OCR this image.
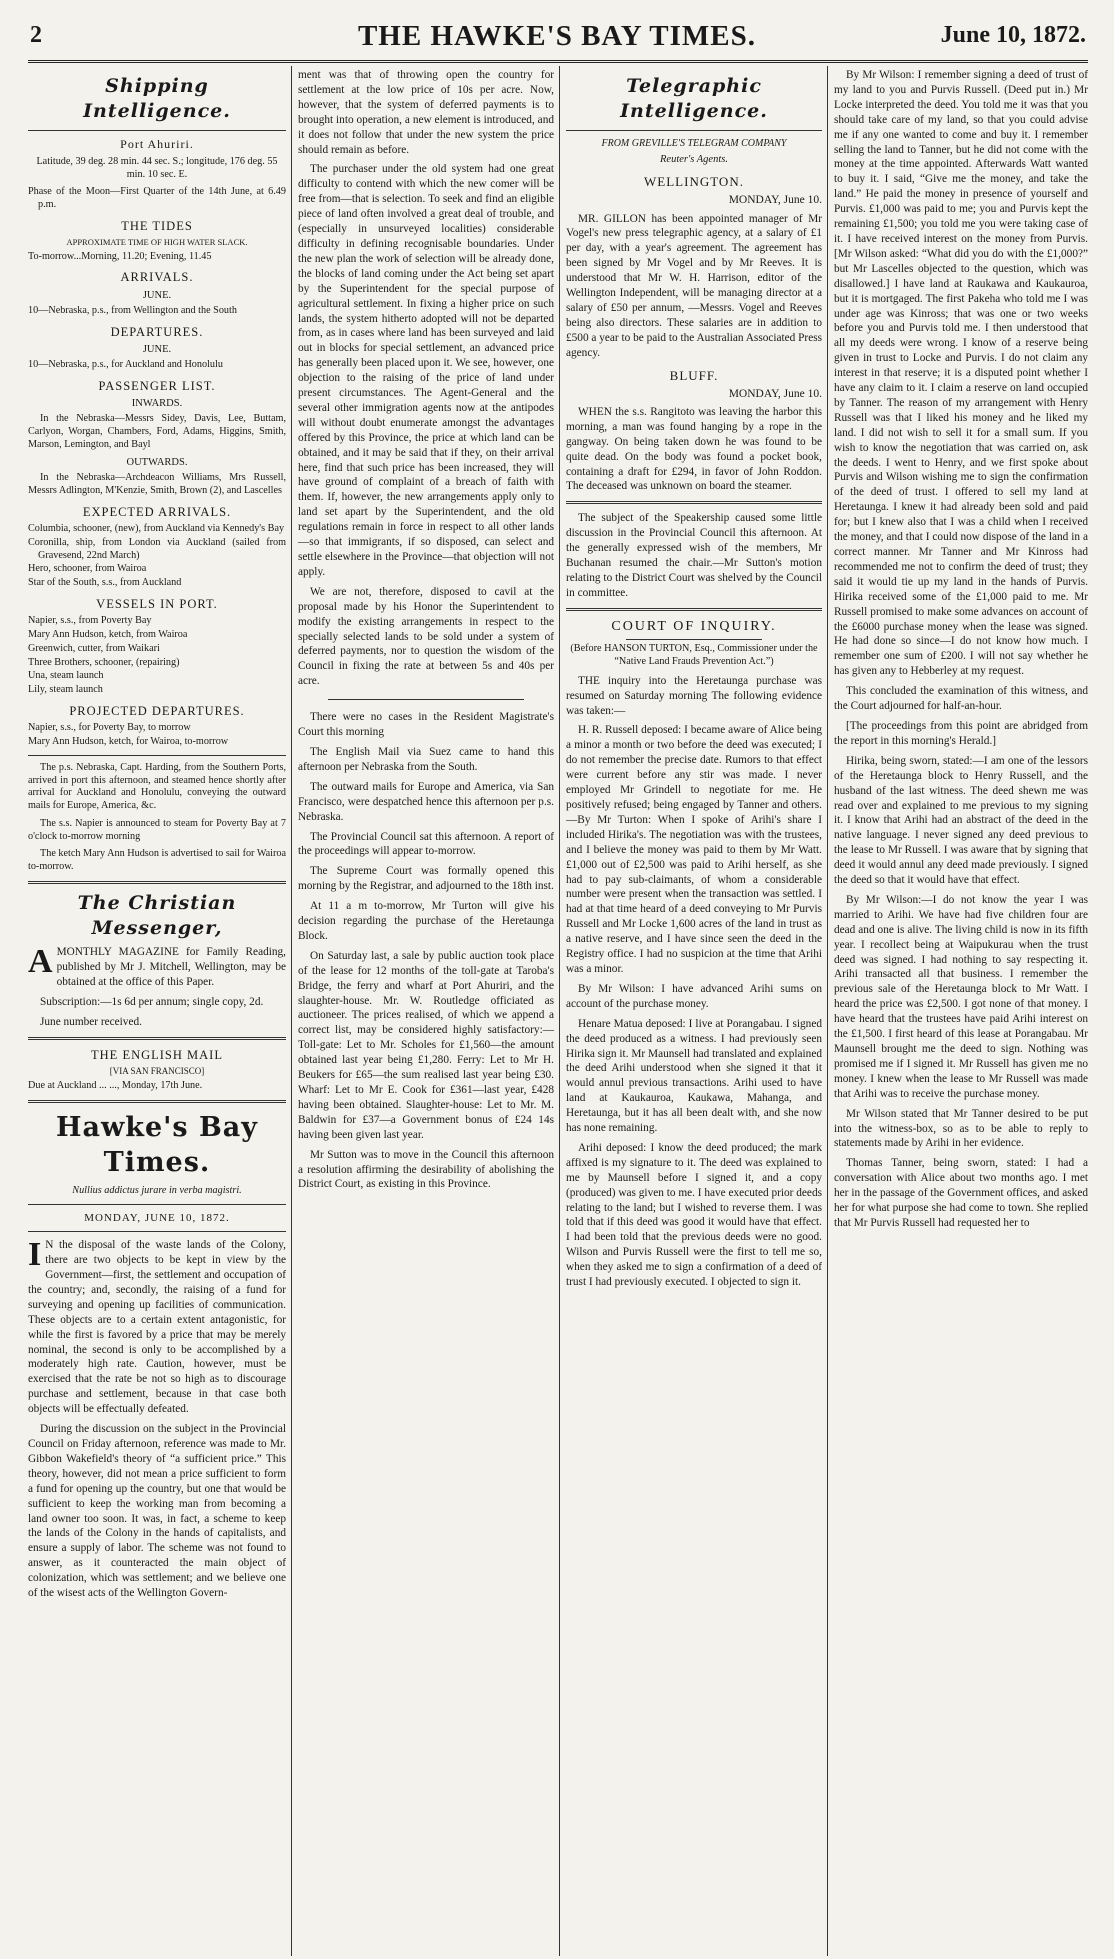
2	THE HAWKE'S BAY TIMES.	June 10, 1872.
Shipping Intelligence.

Port Ahuriri.

Latitude, 39 deg. 28 min. 44 sec. S.; longitude, 176 deg. 55 min. 10 sec. E.

Phase of the Moon—First Quarter of the 14th June, at 6.49 p.m.

THE TIDES

APPROXIMATE TIME OF HIGH WATER SLACK.

To-morrow...Morning, 11.20; Evening, 11.45

ARRIVALS.

JUNE.

10—Nebraska, p.s., from Wellington and the South

DEPARTURES.

JUNE.

10—Nebraska, p.s., for Auckland and Honolulu

PASSENGER LIST.

INWARDS.

In the Nebraska—Messrs Sidey, Davis, Lee, Buttam, Carlyon, Worgan, Chambers, Ford, Adams, Higgins, Smith, Marson, Lemington, and Bayl

OUTWARDS.

In the Nebraska—Archdeacon Williams, Mrs Russell, Messrs Adlington, M'Kenzie, Smith, Brown (2), and Lascelles

EXPECTED ARRIVALS.

Columbia, schooner, (new), from Auckland via Kennedy's Bay

Coronilla, ship, from London via Auckland (sailed from Gravesend, 22nd March)

Hero, schooner, from Wairoa

Star of the South, s.s., from Auckland

VESSELS IN PORT.

Napier, s.s., from Poverty Bay

Mary Ann Hudson, ketch, from Wairoa

Greenwich, cutter, from Waikari

Three Brothers, schooner, (repairing)

Una, steam launch

Lily, steam launch

PROJECTED DEPARTURES.

Napier, s.s., for Poverty Bay, to morrow

Mary Ann Hudson, ketch, for Wairoa, to-morrow

The p.s. Nebraska, Capt. Harding, from the Southern Ports, arrived in port this afternoon, and steamed hence shortly after arrival for Auckland and Honolulu, conveying the outward mails for Europe, America, &c.

The s.s. Napier is announced to steam for Poverty Bay at 7 o'clock to-morrow morning

The ketch Mary Ann Hudson is advertised to sail for Wairoa to-morrow.

The Christian Messenger,

AMONTHLY MAGAZINE for Family Reading, published by Mr J. Mitchell, Wellington, may be obtained at the office of this Paper.

Subscription:—1s 6d per annum; single copy, 2d.

June number received.

THE ENGLISH MAIL

[VIA SAN FRANCISCO]

Due at Auckland ... ..., Monday, 17th June.

Hawke's Bay Times.

Nullius addictus jurare in verba magistri.

MONDAY, JUNE 10, 1872.

I N the disposal of the waste lands of the Colony, there are two objects to be kept in view by the Government—first, the settlement and occupation of the country; and, secondly, the raising of a fund for surveying and opening up facilities of communication. These objects are to a certain extent antagonistic, for while the first is favored by a price that may be merely nominal, the second is only to be accomplished by a moderately high rate. Caution, however, must be exercised that the rate be not so high as to discourage purchase and settlement, because in that case both objects will be effectually defeated.

During the discussion on the subject in the Provincial Council on Friday afternoon, reference was made to Mr. Gibbon Wakefield's theory of “a sufficient price.” This theory, however, did not mean a price sufficient to form a fund for opening up the country, but one that would be sufficient to keep the working man from becoming a land owner too soon. It was, in fact, a scheme to keep the lands of the Colony in the hands of capitalists, and ensure a supply of labor. The scheme was not found to answer, as it counteracted the main object of colonization, which was settlement; and we believe one of the wisest acts of the Wellington Govern-

ment was that of throwing open the country for settlement at the low price of 10s per acre. Now, however, that the system of deferred payments is to brought into operation, a new element is introduced, and it does not follow that under the new system the price should remain as before.

The purchaser under the old system had one great difficulty to contend with which the new comer will be free from—that is selection. To seek and find an eligible piece of land often involved a great deal of trouble, and (especially in unsurveyed localities) considerable difficulty in defining recognisable boundaries. Under the new plan the work of selection will be already done, the blocks of land coming under the Act being set apart by the Superintendent for the special purpose of agricultural settlement. In fixing a higher price on such lands, the system hitherto adopted will not be departed from, as in cases where land has been surveyed and laid out in blocks for special settlement, an advanced price has generally been placed upon it. We see, however, one objection to the raising of the price of land under present circumstances. The Agent-General and the several other immigration agents now at the antipodes will without doubt enumerate amongst the advantages offered by this Province, the price at which land can be obtained, and it may be said that if they, on their arrival here, find that such price has been increased, they will have ground of complaint of a breach of faith with them. If, however, the new arrangements apply only to land set apart by the Superintendent, and the old regulations remain in force in respect to all other lands—so that immigrants, if so disposed, can select and settle elsewhere in the Province—that objection will not apply.

We are not, therefore, disposed to cavil at the proposal made by his Honor the Superintendent to modify the existing arrangements in respect to the specially selected lands to be sold under a system of deferred payments, nor to question the wisdom of the Council in fixing the rate at between 5s and 40s per acre.

There were no cases in the Resident Magistrate's Court this morning

The English Mail via Suez came to hand this afternoon per Nebraska from the South.

The outward mails for Europe and America, via San Francisco, were despatched hence this afternoon per p.s. Nebraska.

The Provincial Council sat this afternoon. A report of the proceedings will appear to-morrow.

The Supreme Court was formally opened this morning by the Registrar, and adjourned to the 18th inst.

At 11 a m to-morrow, Mr Turton will give his decision regarding the purchase of the Heretaunga Block.

On Saturday last, a sale by public auction took place of the lease for 12 months of the toll-gate at Taroba's Bridge, the ferry and wharf at Port Ahuriri, and the slaughter-house. Mr. W. Routledge officiated as auctioneer. The prices realised, of which we append a correct list, may be considered highly satisfactory:—Toll-gate: Let to Mr. Scholes for £1,560—the amount obtained last year being £1,280. Ferry: Let to Mr H. Beukers for £65—the sum realised last year being £30. Wharf: Let to Mr E. Cook for £361—last year, £428 having been obtained. Slaughter-house: Let to Mr. M. Baldwin for £37—a Government bonus of £24 14s having been given last year.

Mr Sutton was to move in the Council this afternoon a resolution affirming the desirability of abolishing the District Court, as existing in this Province.

Telegraphic Intelligence.

FROM GREVILLE'S TELEGRAM COMPANY

Reuter's Agents.

WELLINGTON.

MONDAY, June 10.

MR. GILLON has been appointed manager of Mr Vogel's new press telegraphic agency, at a salary of £1 per day, with a year's agreement. The agreement has been signed by Mr Vogel and by Mr Reeves. It is understood that Mr W. H. Harrison, editor of the Wellington Independent, will be managing director at a salary of £50 per annum, —Messrs. Vogel and Reeves being also directors. These salaries are in addition to £500 a year to be paid to the Australian Associated Press agency.

BLUFF.

MONDAY, June 10.

WHEN the s.s. Rangitoto was leaving the harbor this morning, a man was found hanging by a rope in the gangway. On being taken down he was found to be quite dead. On the body was found a pocket book, containing a draft for £294, in favor of John Roddon. The deceased was unknown on board the steamer.

The subject of the Speakership caused some little discussion in the Provincial Council this afternoon. At the generally expressed wish of the members, Mr Buchanan resumed the chair.—Mr Sutton's motion relating to the District Court was shelved by the Council in committee.

COURT OF INQUIRY.

(Before HANSON TURTON, Esq., Commissioner under the “Native Land Frauds Prevention Act.”)

THE inquiry into the Heretaunga purchase was resumed on Saturday morning The following evidence was taken:—

H. R. Russell deposed: I became aware of Alice being a minor a month or two before the deed was executed; I do not remember the precise date. Rumors to that effect were current before any stir was made. I never employed Mr Grindell to negotiate for me. He positively refused; being engaged by Tanner and others.—By Mr Turton: When I spoke of Arihi's share I included Hirika's. The negotiation was with the trustees, and I believe the money was paid to them by Mr Watt. £1,000 out of £2,500 was paid to Arihi herself, as she had to pay sub-claimants, of whom a considerable number were present when the transaction was settled. I had at that time heard of a deed conveying to Mr Purvis Russell and Mr Locke 1,600 acres of the land in trust as a native reserve, and I have since seen the deed in the Registry office. I had no suspicion at the time that Arihi was a minor.

By Mr Wilson: I have advanced Arihi sums on account of the purchase money.

Henare Matua deposed: I live at Porangabau. I signed the deed produced as a witness. I had previously seen Hirika sign it. Mr Maunsell had translated and explained the deed Arihi understood when she signed it that it would annul previous transactions. Arihi used to have land at Kaukauroa, Kaukawa, Mahanga, and Heretaunga, but it has all been dealt with, and she now has none remaining.

Arihi deposed: I know the deed produced; the mark affixed is my signature to it. The deed was explained to me by Maunsell before I signed it, and a copy (produced) was given to me. I have executed prior deeds relating to the land; but I wished to reverse them. I was told that if this deed was good it would have that effect. I had been told that the previous deeds were no good. Wilson and Purvis Russell were the first to tell me so, when they asked me to sign a confirmation of a deed of trust I had previously executed. I objected to sign it.

By Mr Wilson: I remember signing a deed of trust of my land to you and Purvis Russell. (Deed put in.) Mr Locke interpreted the deed. You told me it was that you should take care of my land, so that you could advise me if any one wanted to come and buy it. I remember selling the land to Tanner, but he did not come with the money at the time appointed. Afterwards Watt wanted to buy it. I said, “Give me the money, and take the land.” He paid the money in presence of yourself and Purvis. £1,000 was paid to me; you and Purvis kept the remaining £1,500; you told me you were taking case of it. I have received interest on the money from Purvis. [Mr Wilson asked: “What did you do with the £1,000?” but Mr Lascelles objected to the question, which was disallowed.] I have land at Raukawa and Kaukauroa, but it is mortgaged. The first Pakeha who told me I was under age was Kinross; that was one or two weeks before you and Purvis told me. I then understood that all my deeds were wrong. I know of a reserve being given in trust to Locke and Purvis. I do not claim any interest in that reserve; it is a disputed point whether I have any claim to it. I claim a reserve on land occupied by Tanner. The reason of my arrangement with Henry Russell was that I liked his money and he liked my land. I did not wish to sell it for a small sum. If you wish to know the negotiation that was carried on, ask the deeds. I went to Henry, and we first spoke about Purvis and Wilson wishing me to sign the confirmation of the deed of trust. I offered to sell my land at Heretaunga. I knew it had already been sold and paid for; but I knew also that I was a child when I received the money, and that I could now dispose of the land in a correct manner. Mr Tanner and Mr Kinross had recommended me not to confirm the deed of trust; they said it would tie up my land in the hands of Purvis. Hirika received some of the £1,000 paid to me. Mr Russell promised to make some advances on account of the £6000 purchase money when the lease was signed. He had done so since—I do not know how much. I remember one sum of £200. I will not say whether he has given any to Hebberley at my request.

This concluded the examination of this witness, and the Court adjourned for half-an-hour.

[The proceedings from this point are abridged from the report in this morning's Herald.]

Hirika, being sworn, stated:—I am one of the lessors of the Heretaunga block to Henry Russell, and the husband of the last witness. The deed shewn me was read over and explained to me previous to my signing it. I know that Arihi had an abstract of the deed in the native language. I never signed any deed previous to the lease to Mr Russell. I was aware that by signing that deed it would annul any deed made previously. I signed the deed so that it would have that effect.

By Mr Wilson:—I do not know the year I was married to Arihi. We have had five children four are dead and one is alive. The living child is now in its fifth year. I recollect being at Waipukurau when the trust deed was signed. I had nothing to say respecting it. Arihi transacted all that business. I remember the previous sale of the Heretaunga block to Mr Watt. I heard the price was £2,500. I got none of that money. I have heard that the trustees have paid Arihi interest on the £1,500. I first heard of this lease at Porangabau. Mr Maunsell brought me the deed to sign. Nothing was promised me if I signed it. Mr Russell has given me no money. I knew when the lease to Mr Russell was made that Arihi was to receive the purchase money.

Mr Wilson stated that Mr Tanner desired to be put into the witness-box, so as to be able to reply to statements made by Arihi in her evidence.

Thomas Tanner, being sworn, stated: I had a conversation with Alice about two months ago. I met her in the passage of the Government offices, and asked her for what purpose she had come to town. She replied that Mr Purvis Russell had requested her to
